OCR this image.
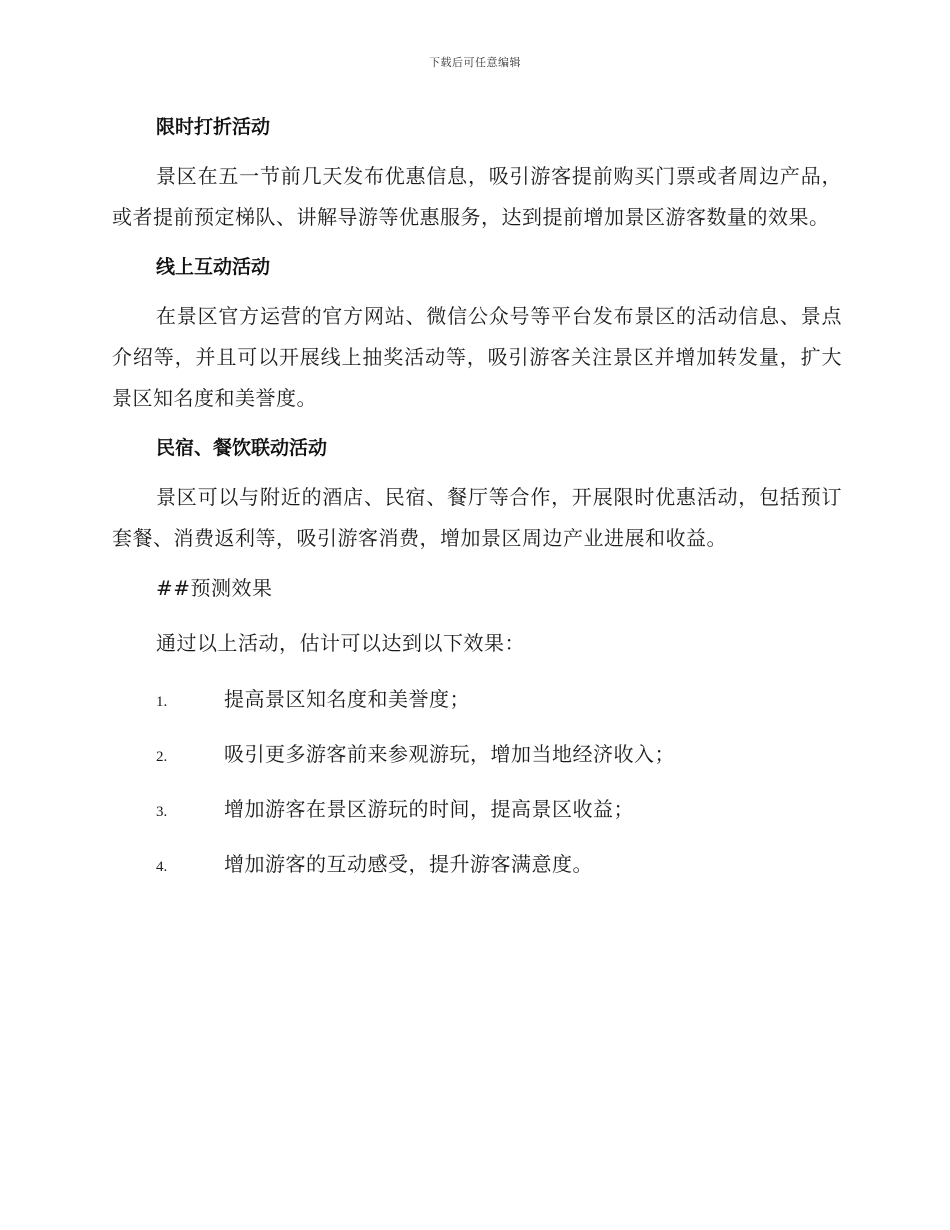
下载后可任意编辑
限时打折活动

景区在五一节前几天发布优惠信息，吸引游客提前购买门票或者周边产品，或者提前预定梯队、讲解导游等优惠服务，达到提前增加景区游客数量的效果。

线上互动活动

在景区官方运营的官方网站、微信公众号等平台发布景区的活动信息、景点介绍等，并且可以开展线上抽奖活动等，吸引游客关注景区并增加转发量，扩大景区知名度和美誉度。

民宿、餐饮联动活动

景区可以与附近的酒店、民宿、餐厅等合作，开展限时优惠活动，包括预订套餐、消费返利等，吸引游客消费，增加景区周边产业进展和收益。

##预测效果
通过以上活动，估计可以达到以下效果：
1.	提高景区知名度和美誉度；
2.	吸引更多游客前来参观游玩，增加当地经济收入；
3.	增加游客在景区游玩的时间，提高景区收益；
4.	增加游客的互动感受，提升游客满意度。
